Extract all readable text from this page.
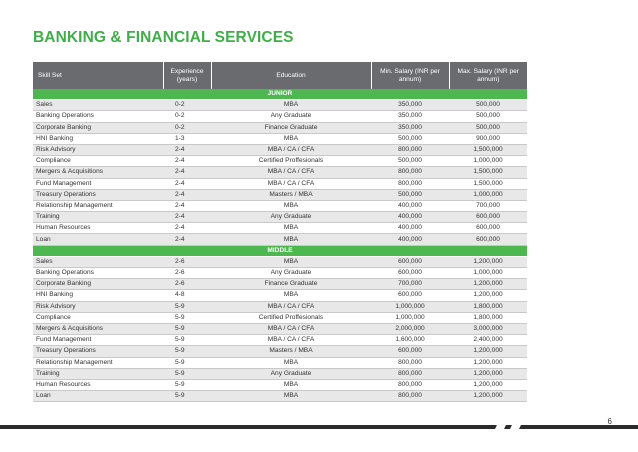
BANKING & FINANCIAL SERVICES
Skill Set	Experience (years)	Education	Min. Salary (INR per annum)	Max. Salary (INR per annum)
JUNIOR				
Sales	0-2	MBA	350,000	500,000
Banking Operations	0-2	Any Graduate	350,000	500,000
Corporate Banking	0-2	Finance Graduate	350,000	500,000
HNI Banking	1-3	MBA	500,000	900,000
Risk Advisory	2-4	MBA / CA / CFA	800,000	1,500,000
Compliance	2-4	Certified Proffesionals	500,000	1,000,000
Mergers & Acquisitions	2-4	MBA / CA / CFA	800,000	1,500,000
Fund Management	2-4	MBA / CA / CFA	800,000	1,500,000
Treasury Operations	2-4	Masters / MBA	500,000	1,000,000
Relationship Management	2-4	MBA	400,000	700,000
Training	2-4	Any Graduate	400,000	600,000
Human Resources	2-4	MBA	400,000	600,000
Loan	2-4	MBA	400,000	600,000
MIDDLE				
Sales	2-6	MBA	600,000	1,200,000
Banking Operations	2-6	Any Graduate	600,000	1,000,000
Corporate Banking	2-6	Finance Graduate	700,000	1,200,000
HNI Banking	4-8	MBA	600,000	1,200,000
Risk Advisory	5-9	MBA / CA / CFA	1,000,000	1,800,000
Compliance	5-9	Certified Proffesionals	1,000,000	1,800,000
Mergers & Acquisitions	5-9	MBA / CA / CFA	2,000,000	3,000,000
Fund Management	5-9	MBA / CA / CFA	1,600,000	2,400,000
Treasury Operations	5-9	Masters / MBA	600,000	1,200,000
Relationship Management	5-9	MBA	800,000	1,200,000
Training	5-9	Any Graduate	800,000	1,200,000
Human Resources	5-9	MBA	800,000	1,200,000
Loan	5-9	MBA	800,000	1,200,000
6
